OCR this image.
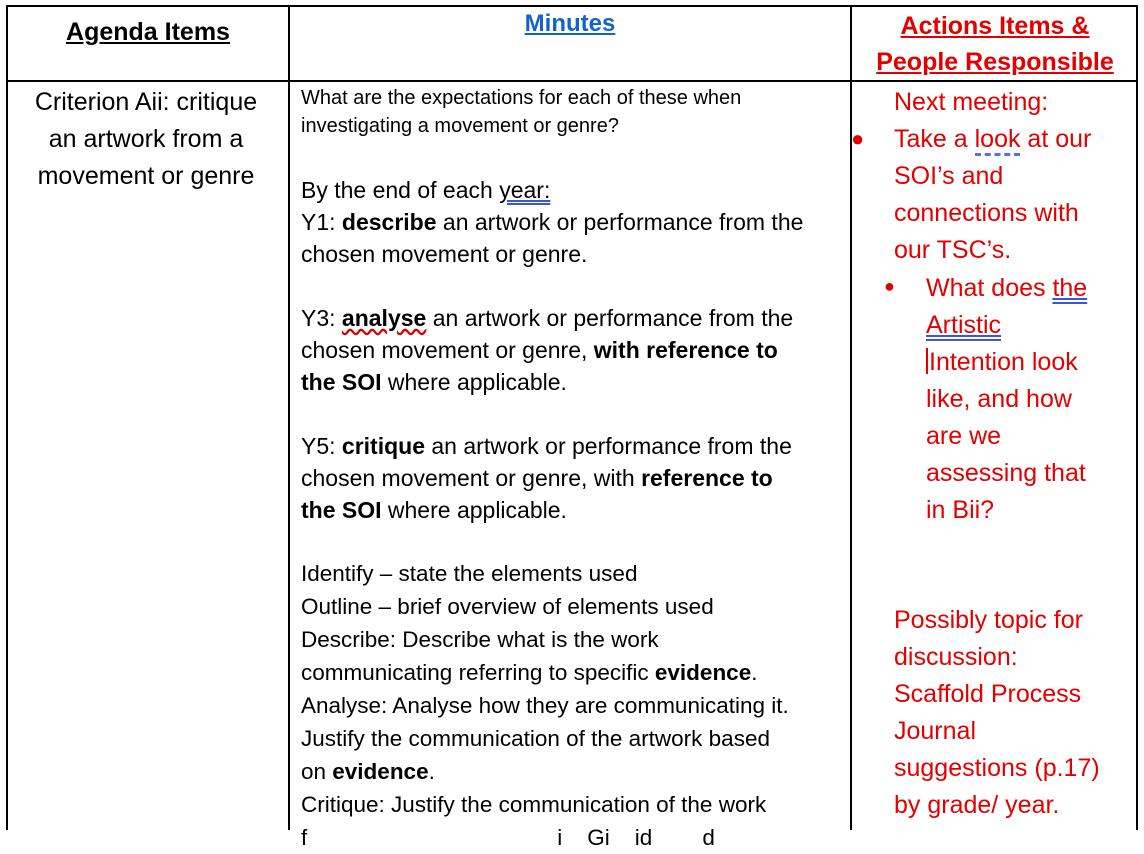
Agenda Items	Minutes	Actions Items &
People Responsible
Criterion Aii: critique
an artwork from a
movement or genre
What are the expectations for each of these when
investigating a movement or genre?
By the end of each year:
Y1: describe an artwork or performance from the
chosen movement or genre.
Y3: analyse an artwork or performance from the
chosen movement or genre, with reference to
the SOI where applicable.
Y5: critique an artwork or performance from the
chosen movement or genre, with reference to
the SOI where applicable.
Identify – state the elements used
Outline – brief overview of elements used
Describe: Describe what is the work
communicating referring to specific evidence.
Analyse: Analyse how they are communicating it.
Justify the communication of the artwork based
on evidence.
Critique: Justify the communication of the work
f                                        i    Gi    id        d
Next meeting:
Take a look at our
SOI’s and
connections with
our TSC’s.
●
● What does the
Artistic
Intention look
like, and how
are we
assessing that
in Bii?
Possibly topic for
discussion:
Scaffold Process
Journal
suggestions (p.17)
by grade/ year.
